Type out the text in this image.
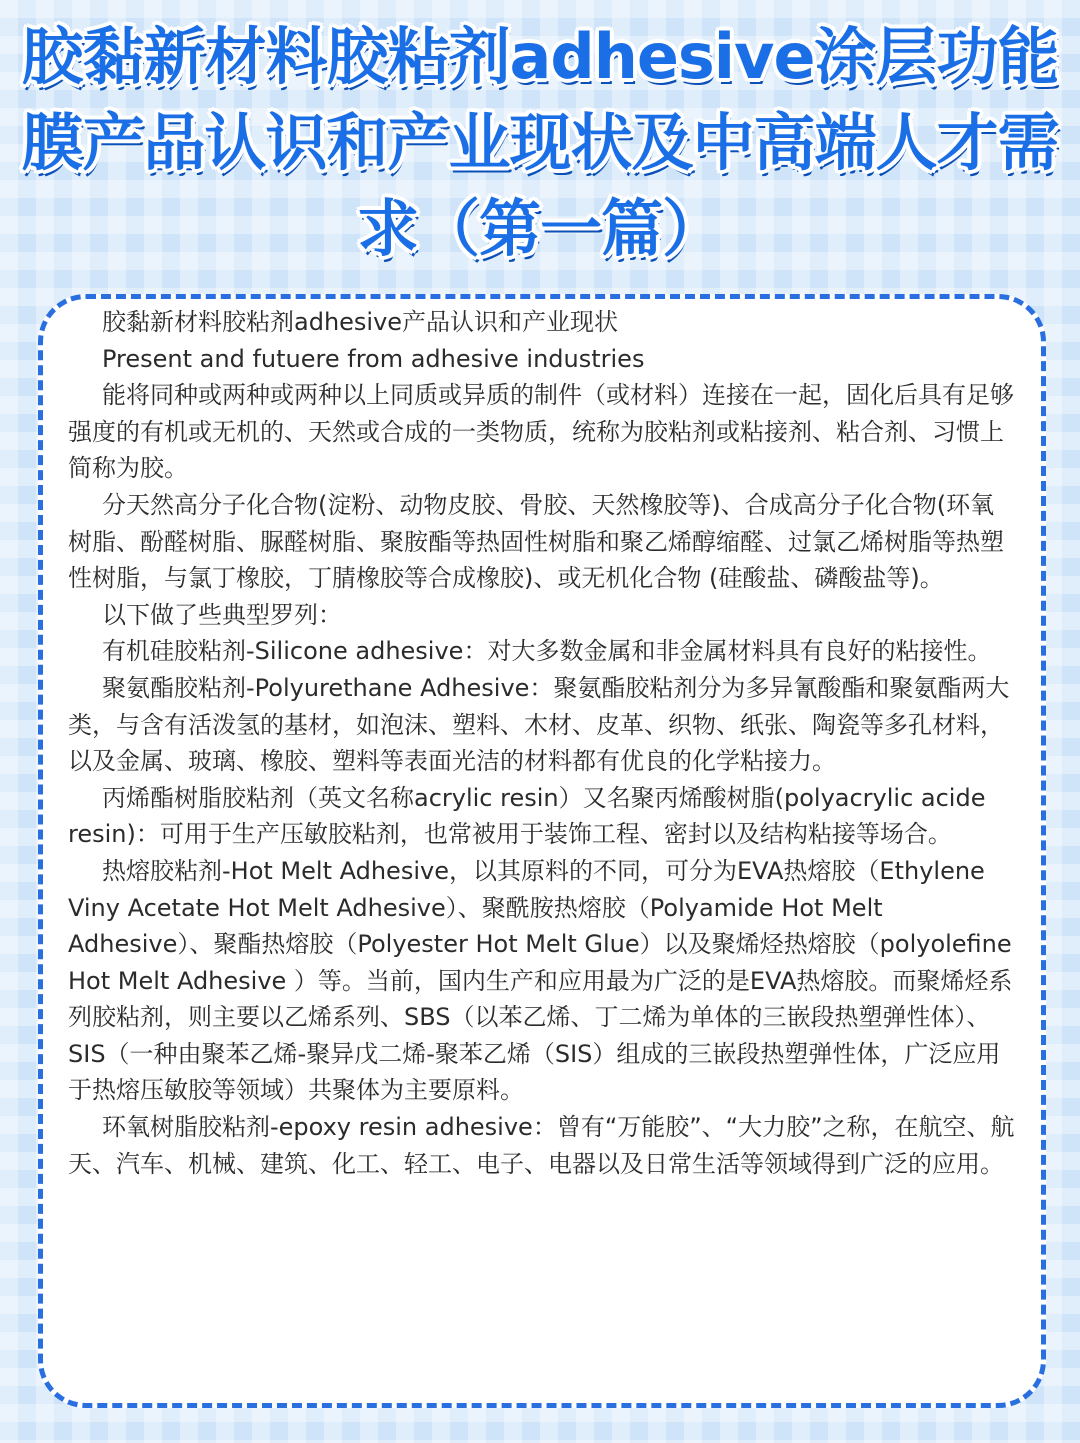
胶黏新材料胶粘剂adhesive涂层功能膜产品认识和产业现状及中高端人才需求（第一篇）

胶黏新材料胶粘剂adhesive产品认识和产业现状

Present and futuere from adhesive industries

能将同种或两种或两种以上同质或异质的制件（或材料）连接在一起，固化后具有足够强度的有机或无机的、天然或合成的一类物质，统称为胶粘剂或粘接剂、粘合剂、习惯上简称为胶。

分天然高分子化合物(淀粉、动物皮胶、骨胶、天然橡胶等)、合成高分子化合物(环氧树脂、酚醛树脂、脲醛树脂、聚胺酯等热固性树脂和聚乙烯醇缩醛、过氯乙烯树脂等热塑性树脂，与氯丁橡胶，丁腈橡胶等合成橡胶)、或无机化合物 (硅酸盐、磷酸盐等)。

以下做了些典型罗列：

有机硅胶粘剂-Silicone adhesive：对大多数金属和非金属材料具有良好的粘接性。

聚氨酯胶粘剂-Polyurethane Adhesive：聚氨酯胶粘剂分为多异氰酸酯和聚氨酯两大类，与含有活泼氢的基材，如泡沫、塑料、木材、皮革、织物、纸张、陶瓷等多孔材料，以及金属、玻璃、橡胶、塑料等表面光洁的材料都有优良的化学粘接力。

丙烯酯树脂胶粘剂（英文名称acrylic resin）又名聚丙烯酸树脂(polyacrylic acide resin)：可用于生产压敏胶粘剂，也常被用于装饰工程、密封以及结构粘接等场合。

热熔胶粘剂-Hot Melt Adhesive，以其原料的不同，可分为EVA热熔胶（Ethylene Viny Acetate Hot Melt Adhesive）、聚酰胺热熔胶（Polyamide Hot Melt Adhesive）、聚酯热熔胶（Polyester Hot Melt Glue）以及聚烯烃热熔胶（polyolefine Hot Melt Adhesive ）等。当前，国内生产和应用最为广泛的是EVA热熔胶。而聚烯烃系列胶粘剂，则主要以乙烯系列、SBS（以苯乙烯、丁二烯为单体的三嵌段热塑弹性体）、SIS（一种由聚苯乙烯-聚异戊二烯-聚苯乙烯（SIS）组成的三嵌段热塑弹性体，广泛应用于热熔压敏胶等领域）共聚体为主要原料。

环氧树脂胶粘剂-epoxy resin adhesive：曾有“万能胶”、“大力胶”之称，在航空、航天、汽车、机械、建筑、化工、轻工、电子、电器以及日常生活等领域得到广泛的应用。
